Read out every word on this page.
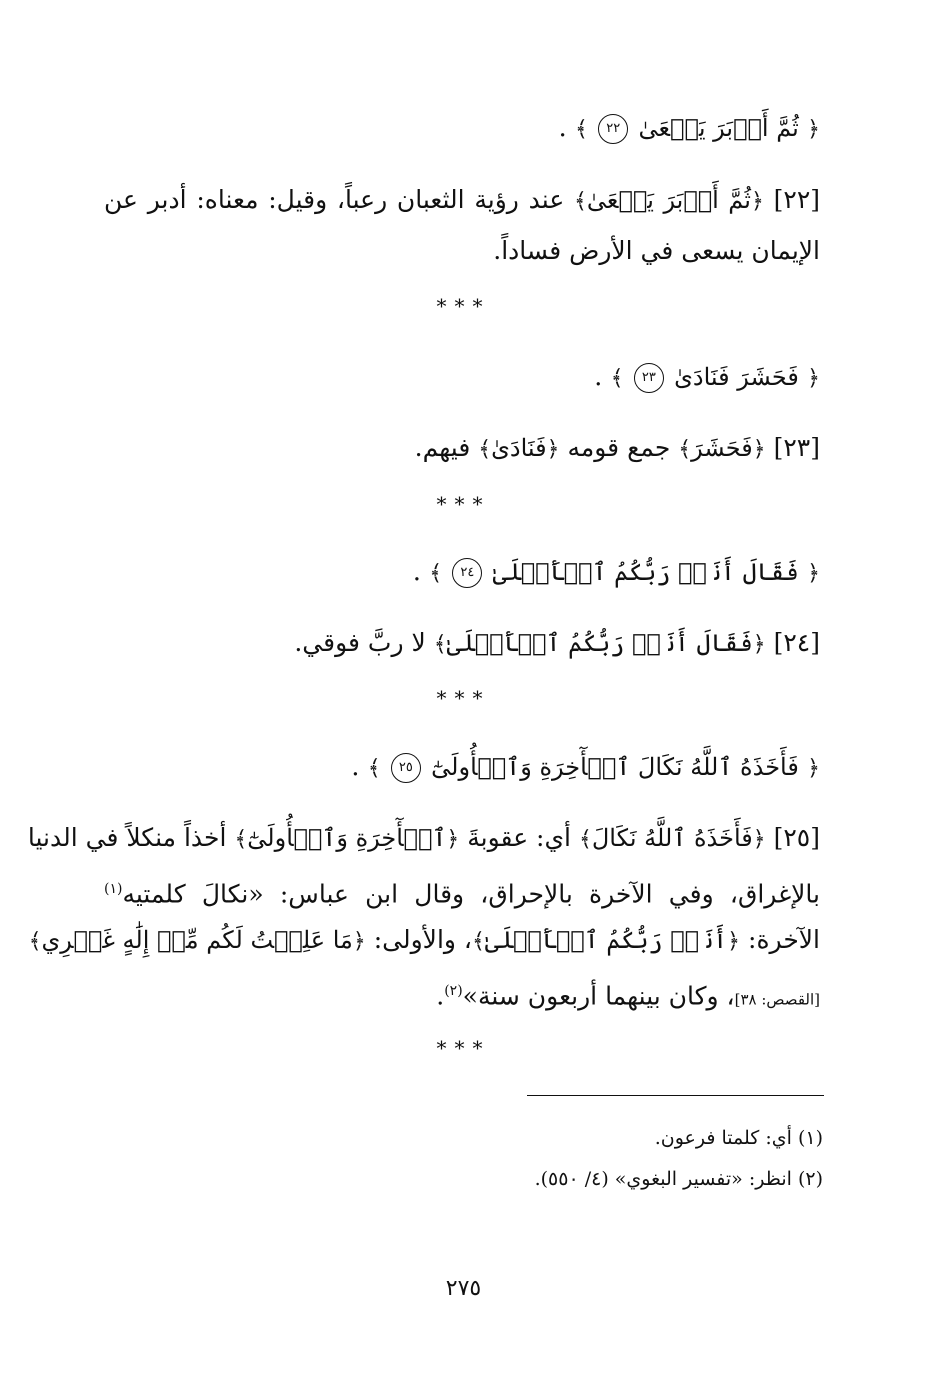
﴿ ثُمَّ أَدۡبَرَ يَسۡعَىٰ ٢٢ ﴾ .
[٢٢] ﴿ثُمَّ أَدۡبَرَ يَسۡعَىٰ﴾ عند رؤية الثعبان رعباً، وقيل: معناه: أدبر عن
الإيمان يسعى في الأرض فساداً.
***
﴿ فَحَشَرَ فَنَادَىٰ ٢٣ ﴾ .
[٢٣] ﴿فَحَشَرَ﴾ جمع قومه ﴿فَنَادَىٰ﴾ فيهم.
***
﴿ فَقَالَ أَنَا۠ رَبُّكُمُ ٱلۡأَعۡلَىٰ ٢٤ ﴾ .
[٢٤] ﴿فَقَالَ أَنَا۠ رَبُّكُمُ ٱلۡأَعۡلَىٰ﴾ لا ربَّ فوقي.
***
﴿ فَأَخَذَهُ ٱللَّهُ نَكَالَ ٱلۡأٓخِرَةِ وَٱلۡأُولَىٰٓ ٢٥ ﴾ .
[٢٥] ﴿فَأَخَذَهُ ٱللَّهُ نَكَالَ﴾ أي: عقوبةَ ﴿ٱلۡأٓخِرَةِ وَٱلۡأُولَىٰٓ﴾ أخذاً منكلاً في الدنيا
بالإغراق، وفي الآخرة بالإحراق، وقال ابن عباس: «نكالَ كلمتيه$^{(١)}$
الآخرة: ﴿أَنَا۠ رَبُّكُمُ ٱلۡأَعۡلَىٰ﴾، والأولى: ﴿مَا عَلِمۡتُ لَكُم مِّنۡ إِلَٰهٍ غَيۡرِي﴾
[القصص: ٣٨]، وكان بينهما أربعون سنة»$^{(٢)}$.
***
(١) أي: كلمتا فرعون.
(٢) انظر: «تفسير البغوي» (٤/ ٥٥٠).
٢٧٥
